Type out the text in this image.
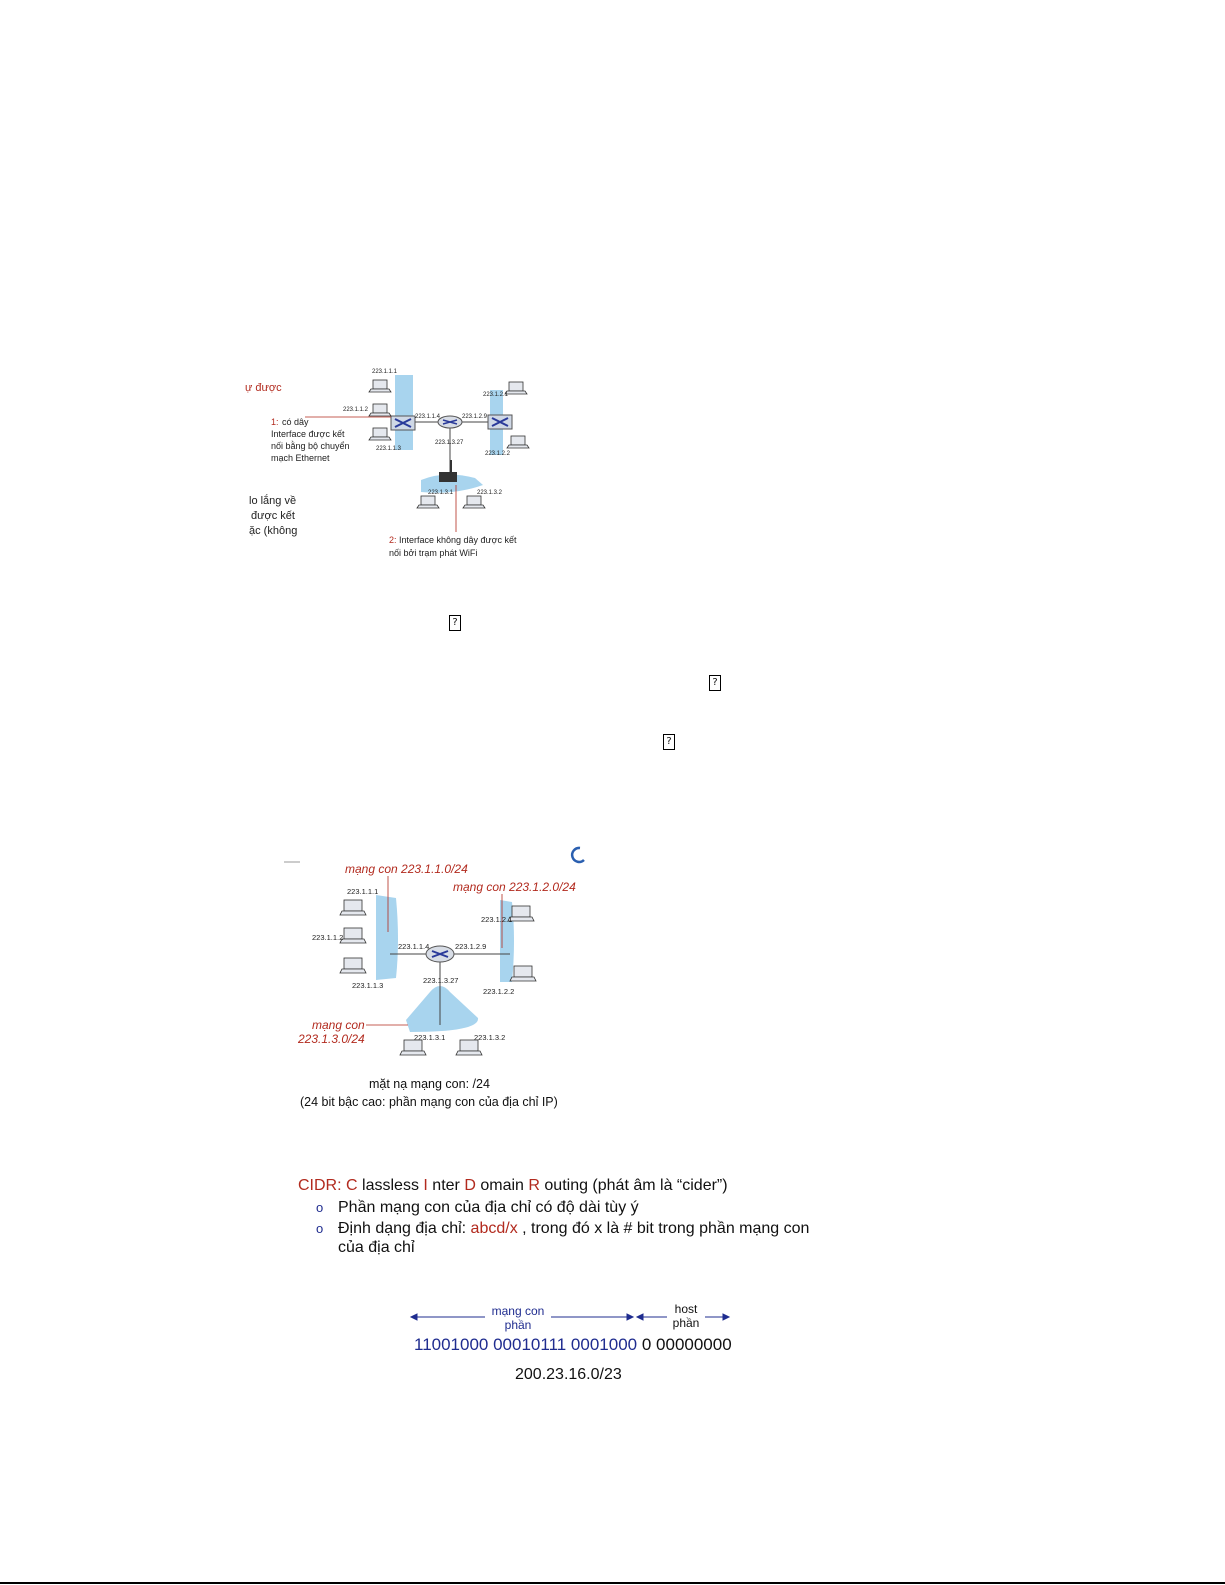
223.1.1.1
223.1.1.2
223.1.1.3
223.1.1.4	223.1.2.9
223.1.2.1
223.1.2.2
223.1.3.27
223.1.3.1	223.1.3.2
ự được
lo lắng về
được kết
ặc (không
1: có dây
Interface được kết
nối bằng bộ chuyển
mạch Ethernet
2: Interface không dây được kết
nối bởi trạm phát WiFi
?
?
?
223.1.1.1
223.1.1.2
223.1.1.3
223.1.1.4	223.1.2.9
223.1.2.1
223.1.2.2
223.1.3.27
223.1.3.1	223.1.3.2
mạng con 223.1.1.0/24
mạng con 223.1.2.0/24
mạng con
223.1.3.0/24
mặt nạ mạng con: /24
(24 bit bậc cao: phần mạng con của địa chỉ IP)
CIDR: C lassless I nter D omain R outing (phát âm là “cider”)
o Phần mạng con của địa chỉ có độ dài tùy ý
o Định dạng địa chỉ: abcd/x , trong đó x là # bit trong phần mạng con
của địa chỉ
mạng con
phần
host
phần
11001000 00010111 0001000 0 00000000
200.23.16.0/23
